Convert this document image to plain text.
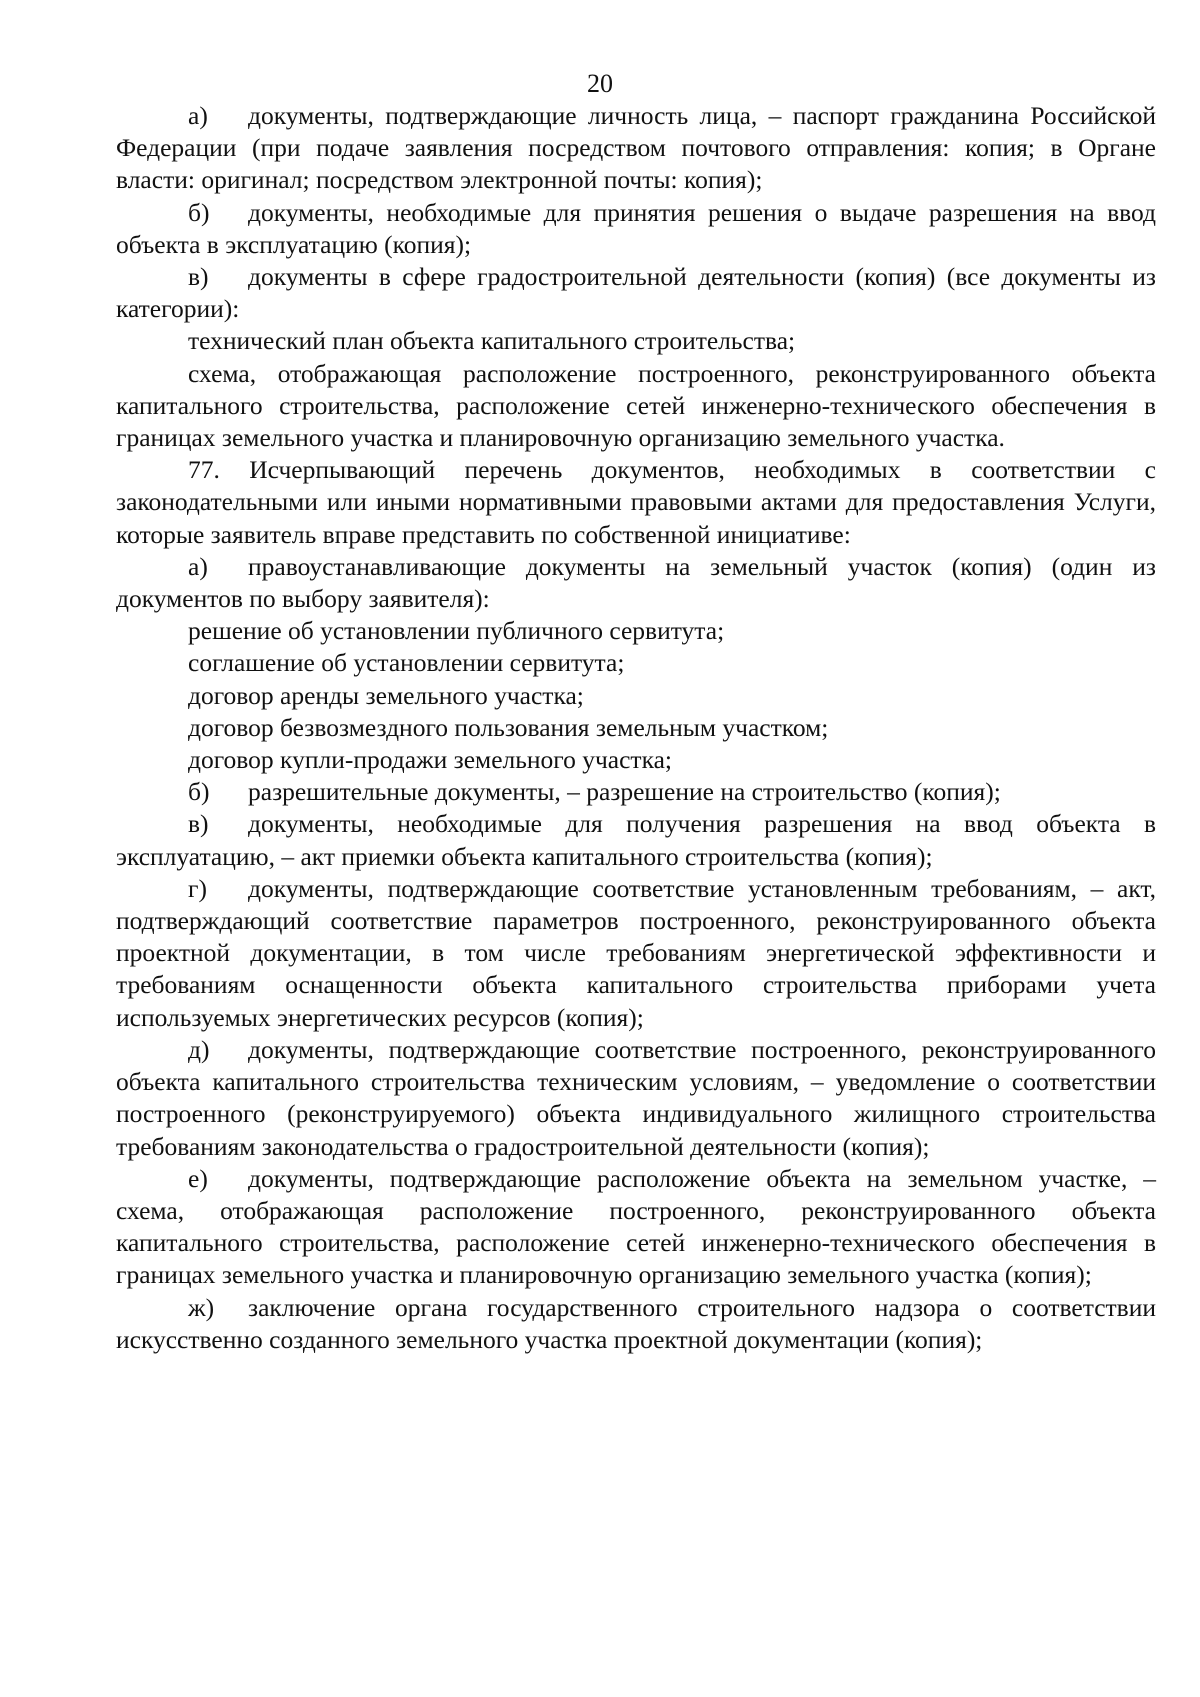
20

а) документы, подтверждающие личность лица, – паспорт гражданина Российской Федерации (при подаче заявления посредством почтового отправления: копия; в Органе власти: оригинал; посредством электронной почты: копия);

б) документы, необходимые для принятия решения о выдаче разрешения на ввод объекта в эксплуатацию (копия);

в) документы в сфере градостроительной деятельности (копия) (все документы из категории):

технический план объекта капитального строительства;

схема, отображающая расположение построенного, реконструированного объекта капитального строительства, расположение сетей инженерно-технического обеспечения в границах земельного участка и планировочную организацию земельного участка.

77. Исчерпывающий перечень документов, необходимых в соответствии с законодательными или иными нормативными правовыми актами для предоставления Услуги, которые заявитель вправе представить по собственной инициативе:

а) правоустанавливающие документы на земельный участок (копия) (один из документов по выбору заявителя):

решение об установлении публичного сервитута;

соглашение об установлении сервитута;

договор аренды земельного участка;

договор безвозмездного пользования земельным участком;

договор купли-продажи земельного участка;

б) разрешительные документы, – разрешение на строительство (копия);

в) документы, необходимые для получения разрешения на ввод объекта в эксплуатацию, – акт приемки объекта капитального строительства (копия);

г) документы, подтверждающие соответствие установленным требованиям, – акт, подтверждающий соответствие параметров построенного, реконструированного объекта проектной документации, в том числе требованиям энергетической эффективности и требованиям оснащенности объекта капитального строительства приборами учета используемых энергетических ресурсов (копия);

д) документы, подтверждающие соответствие построенного, реконструированного объекта капитального строительства техническим условиям, – уведомление о соответствии построенного (реконструируемого) объекта индивидуального жилищного строительства требованиям законодательства о градостроительной деятельности (копия);

е) документы, подтверждающие расположение объекта на земельном участке, – схема, отображающая расположение построенного, реконструированного объекта капитального строительства, расположение сетей инженерно-технического обеспечения в границах земельного участка и планировочную организацию земельного участка (копия);

ж) заключение органа государственного строительного надзора о соответствии искусственно созданного земельного участка проектной документации (копия);
